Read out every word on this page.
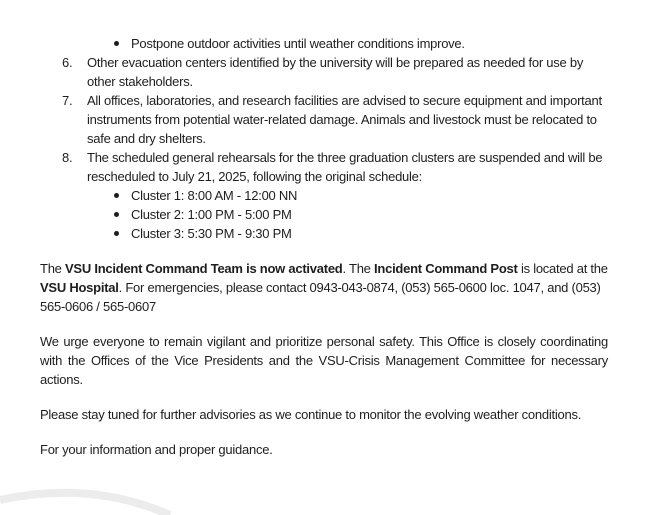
Postpone outdoor activities until weather conditions improve.
6. Other evacuation centers identified by the university will be prepared as needed for use by other stakeholders.
7. All offices, laboratories, and research facilities are advised to secure equipment and important instruments from potential water-related damage. Animals and livestock must be relocated to safe and dry shelters.
8. The scheduled general rehearsals for the three graduation clusters are suspended and will be rescheduled to July 21, 2025, following the original schedule:
Cluster 1: 8:00 AM - 12:00 NN
Cluster 2: 1:00 PM - 5:00 PM
Cluster 3: 5:30 PM - 9:30 PM

The VSU Incident Command Team is now activated. The Incident Command Post is located at the VSU Hospital. For emergencies, please contact 0943-043-0874, (053) 565-0600 loc. 1047, and (053) 565-0606 / 565-0607

We urge everyone to remain vigilant and prioritize personal safety. This Office is closely coordinating with the Offices of the Vice Presidents and the VSU-Crisis Management Committee for necessary actions.

Please stay tuned for further advisories as we continue to monitor the evolving weather conditions.

For your information and proper guidance.
